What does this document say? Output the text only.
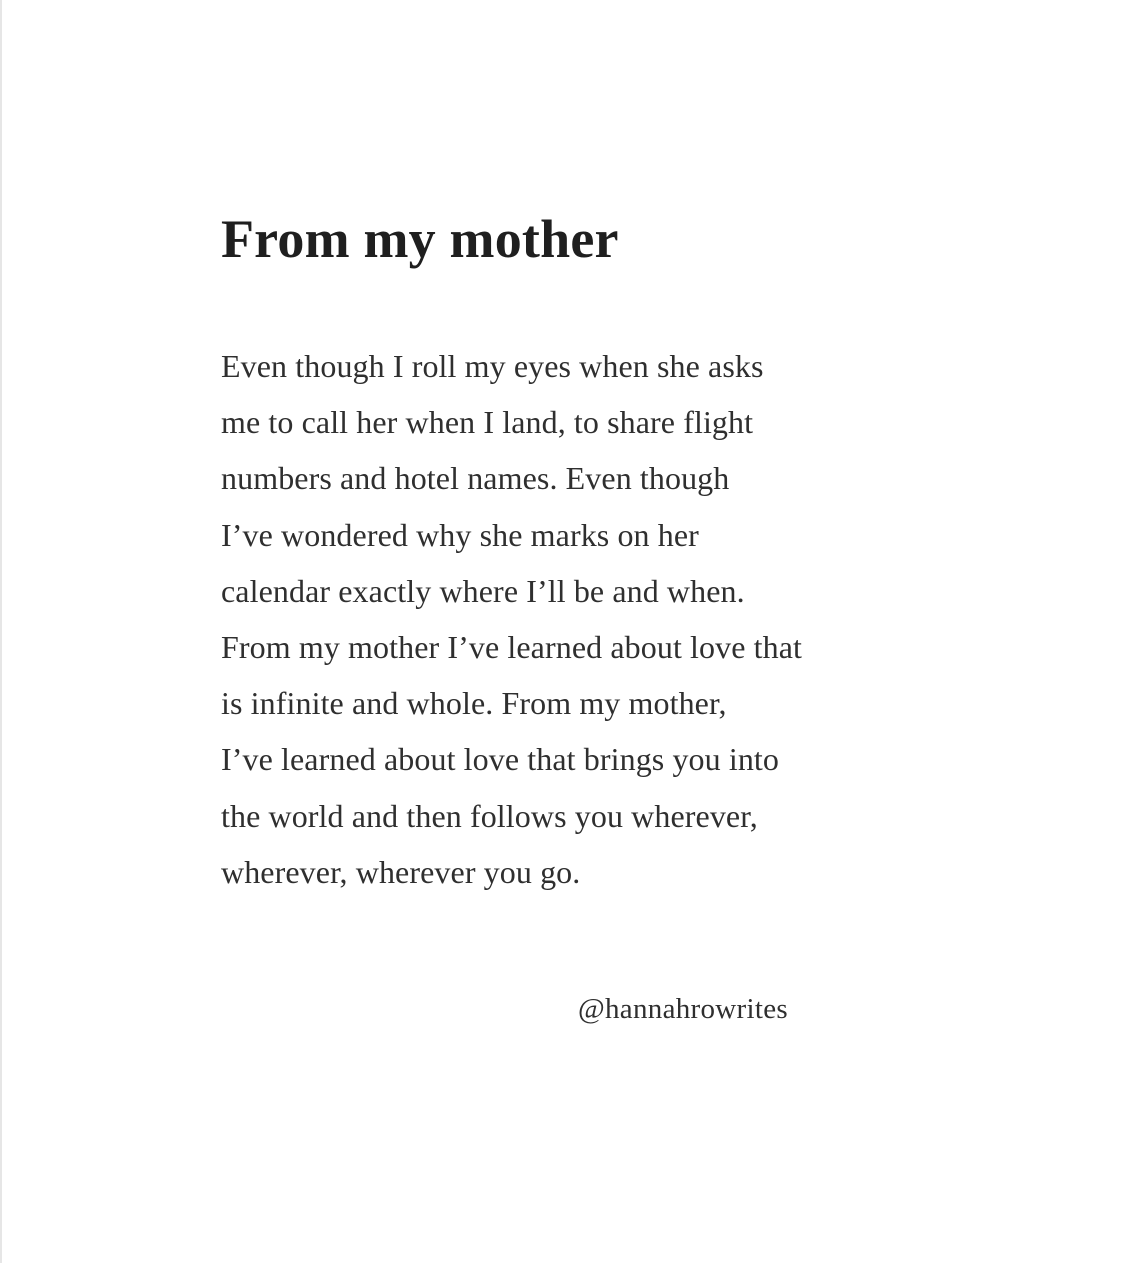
From my mother
Even though I roll my eyes when she asks
me to call her when I land, to share flight
numbers and hotel names. Even though
I’ve wondered why she marks on her
calendar exactly where I’ll be and when.
From my mother I’ve learned about love that
is infinite and whole. From my mother,
I’ve learned about love that brings you into
the world and then follows you wherever,
wherever, wherever you go.
@hannahrowrites
